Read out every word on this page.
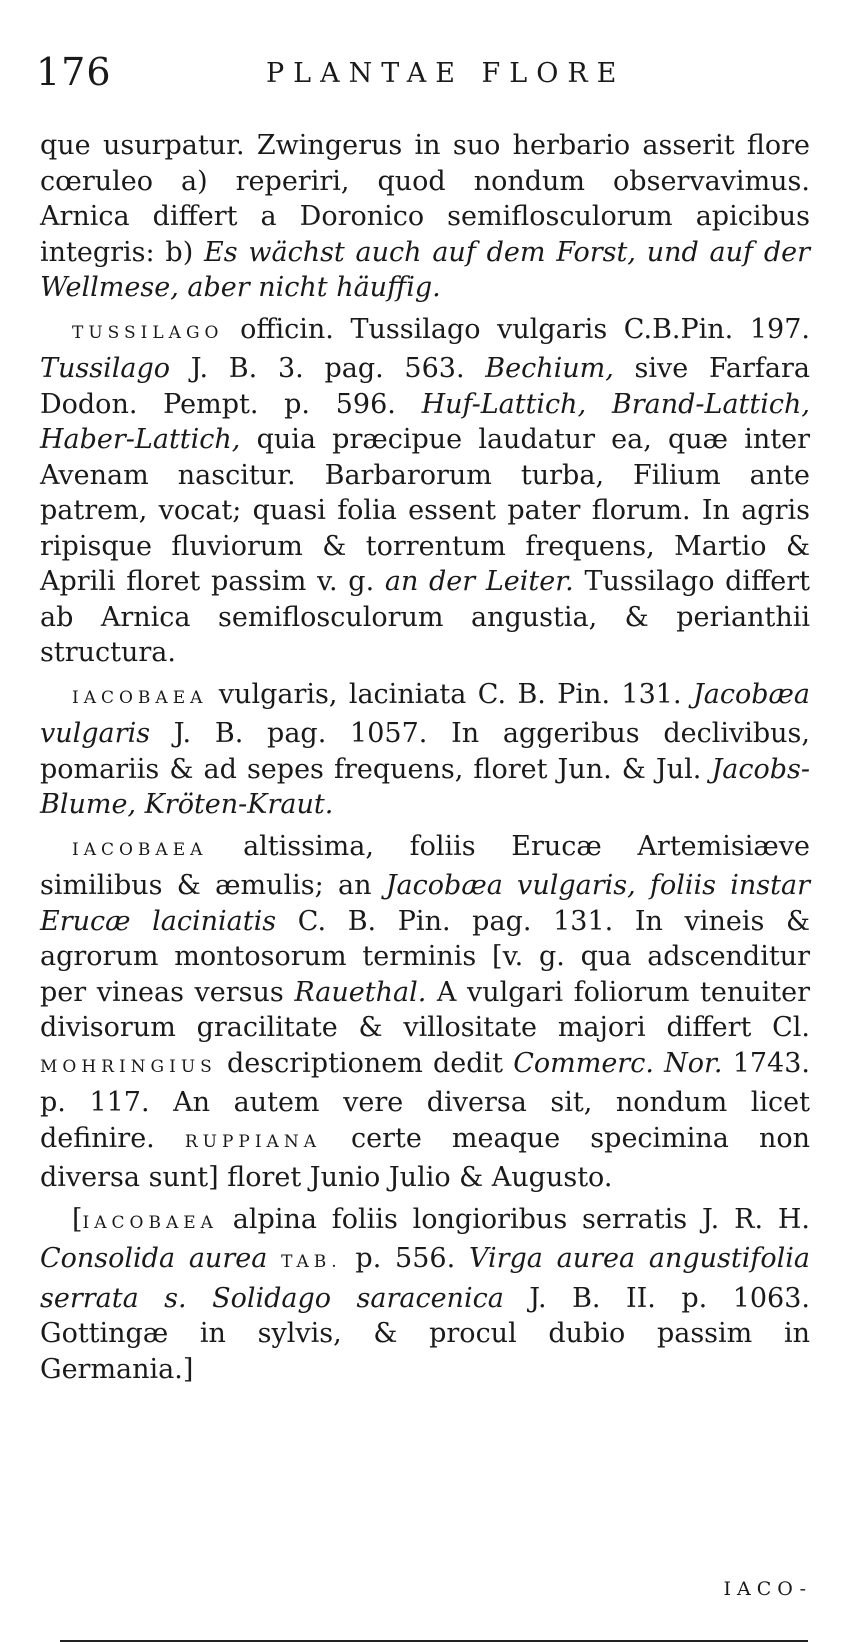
176	PLANTAE FLORE

que usurpatur. Zwingerus in suo herbario asserit flore cœruleo a) reperiri, quod nondum observavimus. Arnica differt a Doronico semiflosculorum apicibus integris: b) Es wächst auch auf dem Forst, und auf der Wellmese, aber nicht häuffig.

TUSSILAGO officin. Tussilago vulgaris C.B.Pin. 197. Tussilago J. B. 3. pag. 563. Bechium, sive Farfara Dodon. Pempt. p. 596. Huf-Lattich, Brand-Lattich, Haber-Lattich, quia præcipue laudatur ea, quæ inter Avenam nascitur. Barbarorum turba, Filium ante patrem, vocat; quasi folia essent pater florum. In agris ripisque fluviorum & torrentum frequens, Martio & Aprili floret passim v. g. an der Leiter. Tussilago differt ab Arnica semiflosculorum angustia, & perianthii structura.

IACOBAEA vulgaris, laciniata C. B. Pin. 131. Jacobæa vulgaris J. B. pag. 1057. In aggeribus declivibus, pomariis & ad sepes frequens, floret Jun. & Jul. Jacobs-Blume, Kröten-Kraut.

IACOBAEA altissima, foliis Erucæ Artemisiæve similibus & æmulis; an Jacobæa vulgaris, foliis instar Erucæ laciniatis C. B. Pin. pag. 131. In vineis & agrorum montosorum terminis [v. g. qua adscenditur per vineas versus Rauethal. A vulgari foliorum tenuiter divisorum gracilitate & villositate majori differt Cl. MOHRINGIUS descriptionem dedit Commerc. Nor. 1743. p. 117. An autem vere diversa sit, nondum licet definire. RUPPIANA certe meaque specimina non diversa sunt] floret Junio Julio & Augusto.

[IACOBAEA alpina foliis longioribus serratis J. R. H. Consolida aurea TAB. p. 556. Virga aurea angustifolia serrata s. Solidago saracenica J. B. II. p. 1063. Gottingæ in sylvis, & procul dubio passim in Germania.]

IACO-
